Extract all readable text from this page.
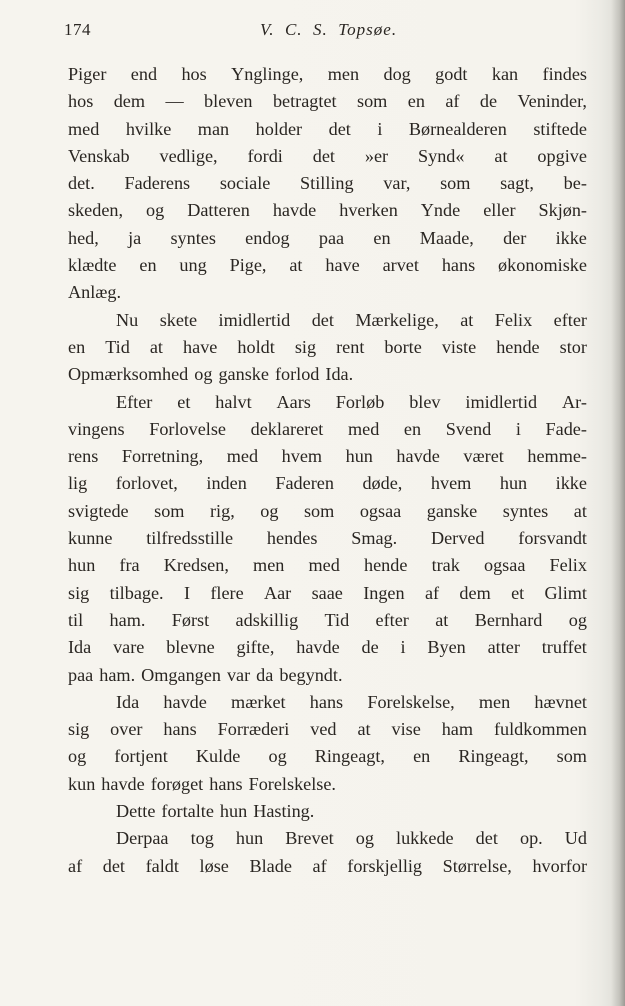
174	V.  C.  S.  Topsøe.
Piger end hos Ynglinge, men dog godt kan findes
hos dem — bleven betragtet som en af de Veninder,
med hvilke man holder det i Børnealderen stiftede
Venskab vedlige, fordi det »er Synd« at opgive
det. Faderens sociale Stilling var, som sagt, be-
skeden, og Datteren havde hverken Ynde eller Skjøn-
hed, ja syntes endog paa en Maade, der ikke
klædte en ung Pige, at have arvet hans økonomiske
Anlæg.
Nu skete imidlertid det Mærkelige, at Felix efter
en Tid at have holdt sig rent borte viste hende stor
Opmærksomhed og ganske forlod Ida.
Efter et halvt Aars Forløb blev imidlertid Ar-
vingens Forlovelse deklareret med en Svend i Fade-
rens Forretning, med hvem hun havde været hemme-
lig forlovet, inden Faderen døde, hvem hun ikke
svigtede som rig, og som ogsaa ganske syntes at
kunne tilfredsstille hendes Smag. Derved forsvandt
hun fra Kredsen, men med hende trak ogsaa Felix
sig tilbage. I flere Aar saae Ingen af dem et Glimt
til ham. Først adskillig Tid efter at Bernhard og
Ida vare blevne gifte, havde de i Byen atter truffet
paa ham. Omgangen var da begyndt.
Ida havde mærket hans Forelskelse, men hævnet
sig over hans Forræderi ved at vise ham fuldkommen
og fortjent Kulde og Ringeagt, en Ringeagt, som
kun havde forøget hans Forelskelse.
Dette fortalte hun Hasting.
Derpaa tog hun Brevet og lukkede det op. Ud
af det faldt løse Blade af forskjellig Størrelse, hvorfor
